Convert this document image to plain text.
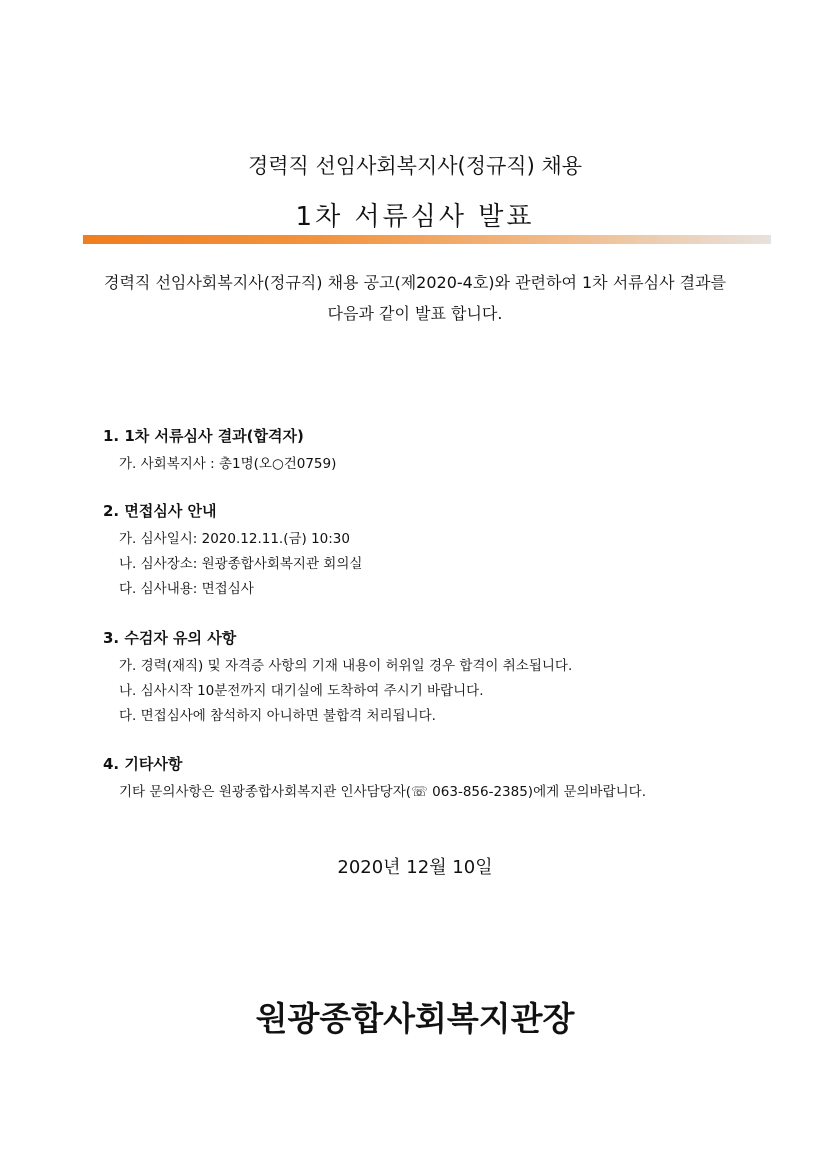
경력직 선임사회복지사(정규직) 채용
1차 서류심사 발표
경력직 선임사회복지사(정규직) 채용 공고(제2020-4호)와 관련하여 1차 서류심사 결과를
다음과 같이 발표 합니다.
1. 1차 서류심사 결과(합격자)
가. 사회복지사 : 총1명(오○건0759)
2. 면접심사 안내
가. 심사일시: 2020.12.11.(금) 10:30
나. 심사장소: 원광종합사회복지관 회의실
다. 심사내용: 면접심사
3. 수검자 유의 사항
가. 경력(재직) 및 자격증 사항의 기재 내용이 허위일 경우 합격이 취소됩니다.
나. 심사시작 10분전까지 대기실에 도착하여 주시기 바랍니다.
다. 면접심사에 참석하지 아니하면 불합격 처리됩니다.
4. 기타사항
기타 문의사항은 원광종합사회복지관 인사담당자(☏ 063-856-2385)에게 문의바랍니다.
2020년 12월 10일
원광종합사회복지관장
